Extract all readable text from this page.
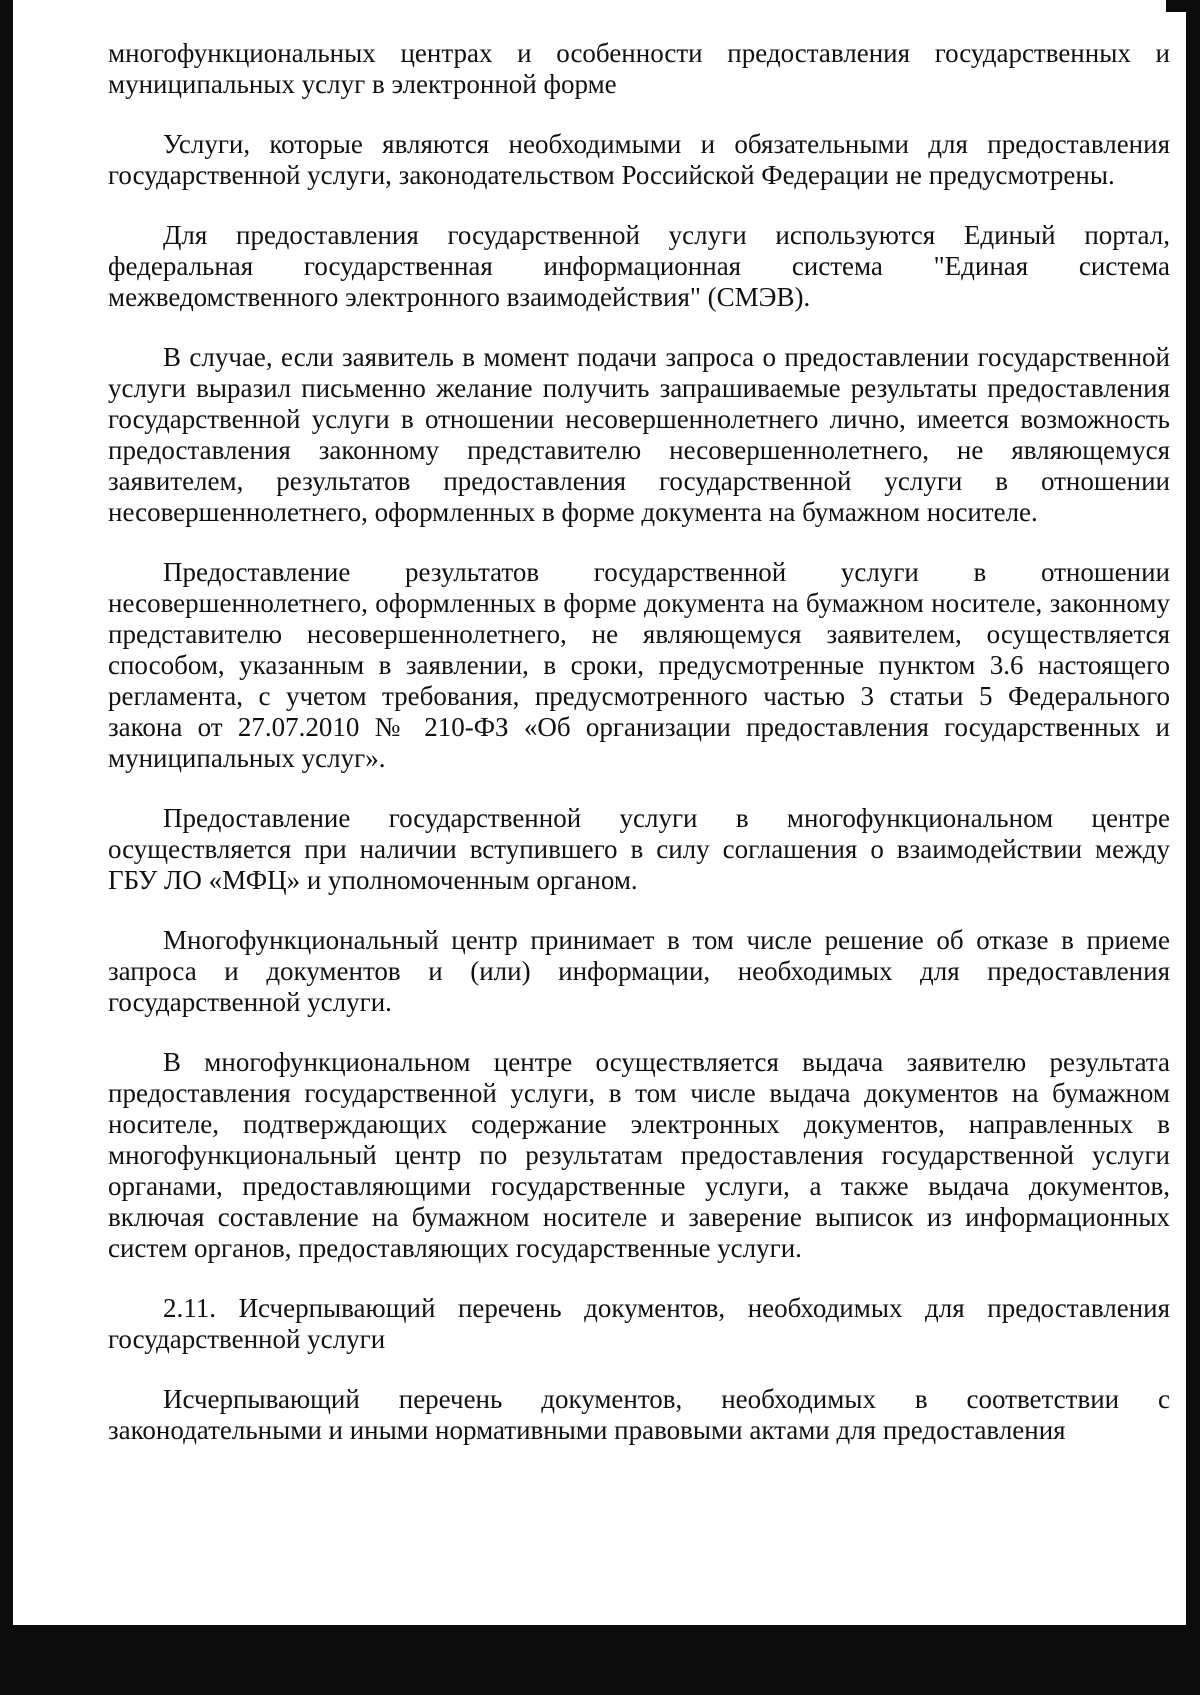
многофункциональных центрах и особенности предоставления государственных и муниципальных услуг в электронной форме

Услуги, которые являются необходимыми и обязательными для предоставления государственной услуги, законодательством Российской Федерации не предусмотрены.

Для предоставления государственной услуги используются Единый портал, федеральная государственная информационная система "Единая система межведомственного электронного взаимодействия" (СМЭВ).

В случае, если заявитель в момент подачи запроса о предоставлении государственной услуги выразил письменно желание получить запрашиваемые результаты предоставления государственной услуги в отношении несовершеннолетнего лично, имеется возможность предоставления законному представителю несовершеннолетнего, не являющемуся заявителем, результатов предоставления государственной услуги в отношении несовершеннолетнего, оформленных в форме документа на бумажном носителе.

Предоставление результатов государственной услуги в отношении несовершеннолетнего, оформленных в форме документа на бумажном носителе, законному представителю несовершеннолетнего, не являющемуся заявителем, осуществляется способом, указанным в заявлении, в сроки, предусмотренные пунктом 3.6 настоящего регламента, с учетом требования, предусмотренного частью 3 статьи 5 Федерального закона от 27.07.2010 № 210-ФЗ «Об организации предоставления государственных и муниципальных услуг».

Предоставление государственной услуги в многофункциональном центре осуществляется при наличии вступившего в силу соглашения о взаимодействии между ГБУ ЛО «МФЦ» и уполномоченным органом.

Многофункциональный центр принимает в том числе решение об отказе в приеме запроса и документов и (или) информации, необходимых для предоставления государственной услуги.

В многофункциональном центре осуществляется выдача заявителю результата предоставления государственной услуги, в том числе выдача документов на бумажном носителе, подтверждающих содержание электронных документов, направленных в многофункциональный центр по результатам предоставления государственной услуги органами, предоставляющими государственные услуги, а также выдача документов, включая составление на бумажном носителе и заверение выписок из информационных систем органов, предоставляющих государственные услуги.

2.11. Исчерпывающий перечень документов, необходимых для предоставления государственной услуги

Исчерпывающий перечень документов, необходимых в соответствии с законодательными и иными нормативными правовыми актами для предоставления
